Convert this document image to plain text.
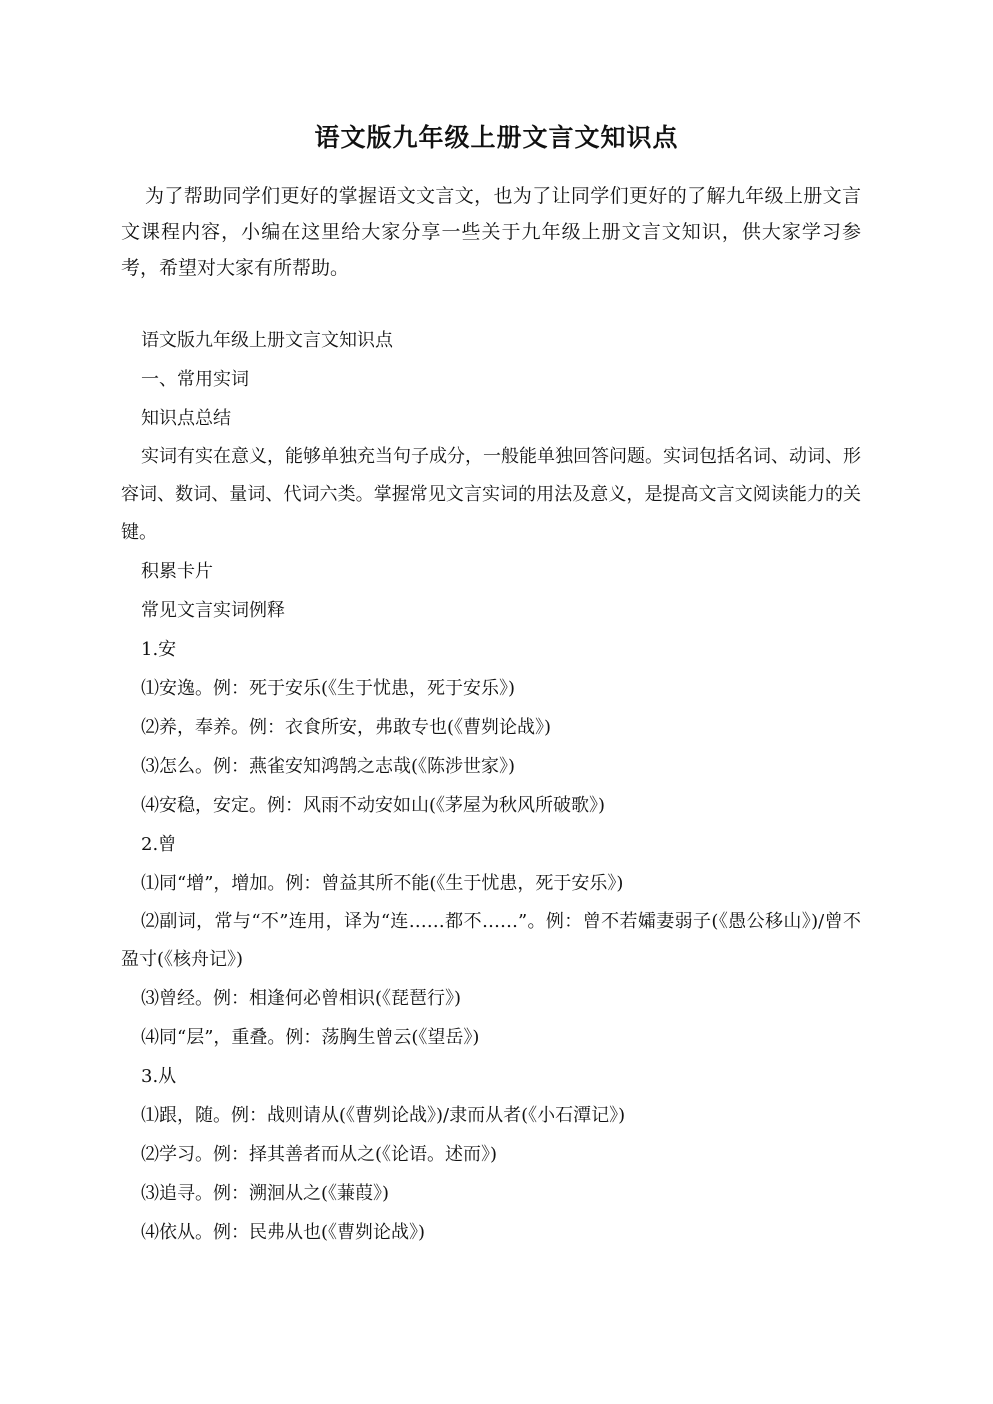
语文版九年级上册文言文知识点

为了帮助同学们更好的掌握语文文言文，也为了让同学们更好的了解九年级上册文言文课程内容，小编在这里给大家分享一些关于九年级上册文言文知识，供大家学习参考，希望对大家有所帮助。

语文版九年级上册文言文知识点

一、常用实词

知识点总结

实词有实在意义，能够单独充当句子成分，一般能单独回答问题。实词包括名词、动词、形容词、数词、量词、代词六类。掌握常见文言实词的用法及意义，是提高文言文阅读能力的关键。

积累卡片

常见文言实词例释

1.安

⑴安逸。例：死于安乐(《生于忧患，死于安乐》)

⑵养，奉养。例：衣食所安，弗敢专也(《曹刿论战》)

⑶怎么。例：燕雀安知鸿鹄之志哉(《陈涉世家》)

⑷安稳，安定。例：风雨不动安如山(《茅屋为秋风所破歌》)

2.曾

⑴同“增”，增加。例：曾益其所不能(《生于忧患，死于安乐》)

⑵副词，常与“不”连用，译为“连……都不……”。例：曾不若孀妻弱子(《愚公移山》)/曾不盈寸(《核舟记》)

⑶曾经。例：相逢何必曾相识(《琵琶行》)

⑷同“层”，重叠。例：荡胸生曾云(《望岳》)

3.从

⑴跟，随。例：战则请从(《曹刿论战》)/隶而从者(《小石潭记》)

⑵学习。例：择其善者而从之(《论语。述而》)

⑶追寻。例：溯洄从之(《蒹葭》)

⑷依从。例：民弗从也(《曹刿论战》)
